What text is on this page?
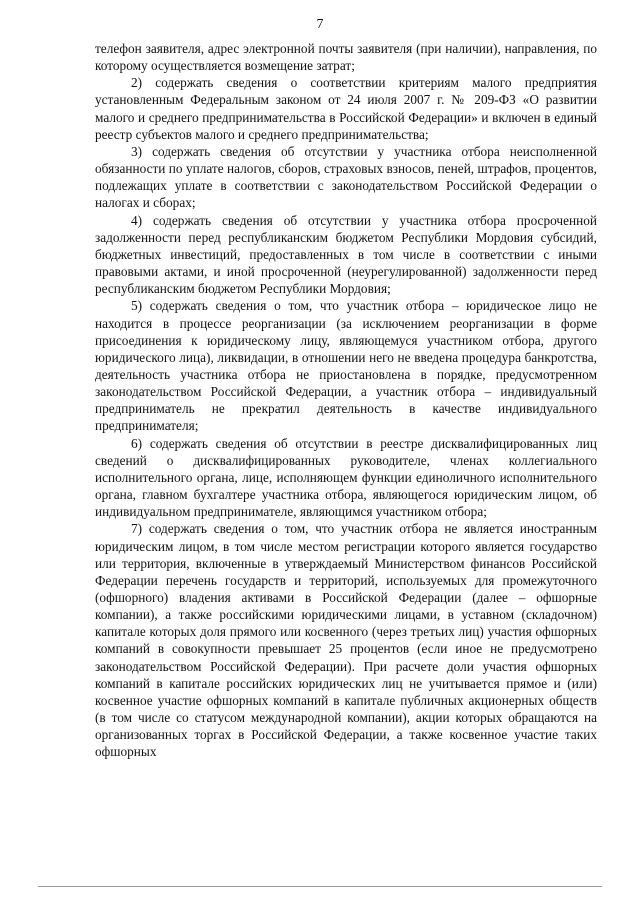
7

телефон заявителя, адрес электронной почты заявителя (при наличии), направления, по которому осуществляется возмещение затрат;

2) содержать сведения о соответствии критериям малого предприятия установленным Федеральным законом от 24 июля 2007 г. № 209-ФЗ «О развитии малого и среднего предпринимательства в Российской Федерации» и включен в единый реестр субъектов малого и среднего предпринимательства;

3) содержать сведения об отсутствии у участника отбора неисполненной обязанности по уплате налогов, сборов, страховых взносов, пеней, штрафов, процентов, подлежащих уплате в соответствии с законодательством Российской Федерации о налогах и сборах;

4) содержать сведения об отсутствии у участника отбора просроченной задолженности перед республиканским бюджетом Республики Мордовия субсидий, бюджетных инвестиций, предоставленных в том числе в соответствии с иными правовыми актами, и иной просроченной (неурегулированной) задолженности перед республиканским бюджетом Республики Мордовия;

5) содержать сведения о том, что участник отбора – юридическое лицо не находится в процессе реорганизации (за исключением реорганизации в форме присоединения к юридическому лицу, являющемуся участником отбора, другого юридического лица), ликвидации, в отношении него не введена процедура банкротства, деятельность участника отбора не приостановлена в порядке, предусмотренном законодательством Российской Федерации, а участник отбора – индивидуальный предприниматель не прекратил деятельность в качестве индивидуального предпринимателя;

6) содержать сведения об отсутствии в реестре дисквалифицированных лиц сведений о дисквалифицированных руководителе, членах коллегиального исполнительного органа, лице, исполняющем функции единоличного исполнительного органа, главном бухгалтере участника отбора, являющегося юридическим лицом, об индивидуальном предпринимателе, являющимся участником отбора;

7) содержать сведения о том, что участник отбора не является иностранным юридическим лицом, в том числе местом регистрации которого является государство или территория, включенные в утверждаемый Министерством финансов Российской Федерации перечень государств и территорий, используемых для промежуточного (офшорного) владения активами в Российской Федерации (далее – офшорные компании), а также российскими юридическими лицами, в уставном (складочном) капитале которых доля прямого или косвенного (через третьих лиц) участия офшорных компаний в совокупности превышает 25 процентов (если иное не предусмотрено законодательством Российской Федерации). При расчете доли участия офшорных компаний в капитале российских юридических лиц не учитывается прямое и (или) косвенное участие офшорных компаний в капитале публичных акционерных обществ (в том числе со статусом международной компании), акции которых обращаются на организованных торгах в Российской Федерации, а также косвенное участие таких офшорных
